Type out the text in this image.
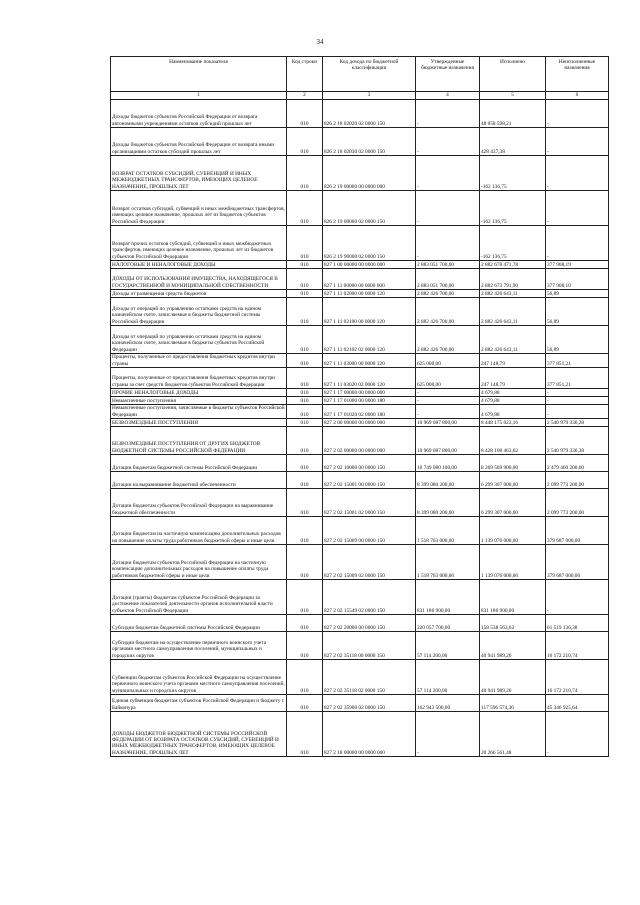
34
Наименование показателя	Код строки	Код дохода по бюджетной классификации	Утвержденные бюджетные назначения	Исполнено	Неисполненные назначения
1	2	3	4	5	6
Доходы бюджетов субъектов Российской Федерации от возврата автономными учреждениями остатков субсидий прошлых лет	010	826 2 18 02020 02 0000 150	-	48 058 598,21	-
Доходы бюджетов субъектов Российской Федерации от возврата иными организациями остатков субсидий прошлых лет	010	826 2 18 02030 02 0000 150	-	428 437,38	-
ВОЗВРАТ ОСТАТКОВ СУБСИДИЙ, СУБВЕНЦИЙ И ИНЫХ МЕЖБЮДЖЕТНЫХ ТРАНСФЕРТОВ, ИМЕЮЩИХ ЦЕЛЕВОЕ НАЗНАЧЕНИЕ, ПРОШЛЫХ ЛЕТ	010	826 2 19 00000 00 0000 000	-	-162 136,75	-
Возврат остатков субсидий, субвенций и иных межбюджетных трансфертов, имеющих целевое назначение, прошлых лет из бюджетов субъектов Российской Федерации	010	826 2 19 00000 02 0000 150	-	-162 136,75	-
Возврат прочих остатков субсидий, субвенций и иных межбюджетных трансфертов, имеющих целевое назначение, прошлых лет из бюджетов субъектов Российской Федерации	010	826 2 19 90000 02 0000 150	-	-162 136,75	-
НАЛОГОВЫЕ И НЕНАЛОГОВЫЕ ДОХОДЫ	010	827 1 00 00000 00 0000 000	2 883 051 700,00	2 882 678 471,78	377 908,19
ДОХОДЫ ОТ ИСПОЛЬЗОВАНИЯ ИМУЩЕСТВА, НАХОДЯЩЕГОСЯ В ГОСУДАРСТВЕННОЙ И МУНИЦИПАЛЬНОЙ СОБСТВЕННОСТИ	010	827 1 11 00000 00 0000 000	2 883 051 700,00	2 882 673 791,90	377 908,10
Доходы от размещения средств бюджетов	010	827 1 11 02000 00 0000 120	2 882 426 700,00	2 882 426 643,11	56,89
Доходы от операций по управлению остатками средств на едином казначейском счете, зачисляемые в бюджеты бюджетной системы Российской Федерации	010	827 1 11 02100 00 0000 120	2 882 426 700,00	2 882 426 643,11	56,89
Доходы от операций по управлению остатками средств на едином казначейском счете, зачисляемые в бюджеты субъектов Российской Федерации	010	827 1 11 02102 02 0000 120	2 882 426 700,00	2 882 426 643,11	56,89
Проценты, полученные от предоставления бюджетных кредитов внутри страны	010	827 1 11 03000 00 0000 120	625 000,00	247 148,79	377 851,21
Проценты, полученные от предоставления бюджетных кредитов внутри страны за счет средств бюджетов субъектов Российской Федерации	010	827 1 11 03020 02 0000 120	625 000,00	247 148,79	377 851,21
ПРОЧИЕ НЕНАЛОГОВЫЕ ДОХОДЫ	010	827 1 17 00000 00 0000 000	-	4 679,88	-
Невыясненные поступления	010	827 1 17 01000 00 0000 180	-	4 679,88	-
Невыясненные поступления, зачисляемые в бюджеты субъектов Российской Федерации	010	827 1 17 01020 02 0000 180	-	4 679,88	-
БЕЗВОЗМЕЗДНЫЕ ПОСТУПЛЕНИЯ	010	827 2 00 00000 00 0000 000	10 969 087 800,00	8 448 175 023,16	2 540 979 336,28
БЕЗВОЗМЕЗДНЫЕ ПОСТУПЛЕНИЯ ОТ ДРУГИХ БЮДЖЕТОВ БЮДЖЕТНОЙ СИСТЕМЫ РОССИЙСКОЙ ФЕДЕРАЦИИ	010	827 2 02 00000 00 0000 000	10 969 087 800,00	8 428 108 463,62	2 540 979 336,38
Дотации бюджетам бюджетной системы Российской Федерации	010	827 2 02 10000 00 0000 150	10 749 080 100,00	8 269 569 900,00	2 479 460 200,00
Дотации на выравнивание бюджетной обеспеченности	010	827 2 02 15001 00 0000 150	8 399 080 200,00	6 299 307 000,00	2 099 773 200,00
Дотации бюджетам субъектов Российской Федерации на выравнивание бюджетной обеспеченности	010	827 2 02 15001 02 0000 150	8 399 080 200,00	6 299 307 000,00	2 099 773 200,00
Дотации бюджетам на частичную компенсацию дополнительных расходов на повышение оплаты труда работников бюджетной сферы и иные цели	010	827 2 02 15009 00 0000 150	1 518 763 000,00	1 139 076 000,00	379 687 000,00
Дотации бюджетам субъектов Российской Федерации на частичную компенсацию дополнительных расходов на повышение оплаты труда работников бюджетной сферы и иные цели	010	827 2 02 15009 02 0000 150	1 518 763 000,00	1 139 076 000,00	379 687 000,00
Дотации (гранты) бюджетам субъектов Российской Федерации за достижение показателей деятельности органов исполнительной власти субъектов Российской Федерации	010	827 2 02 15549 02 0000 150	831 186 900,00	831 186 900,00	-
Субсидии бюджетам бюджетной системы Российской Федерации	010	827 2 02 20000 00 0000 150	220 057 700,00	158 538 563,62	61 519 136,38
Субсидии бюджетам на осуществление первичного воинского учета органами местного самоуправления поселений, муниципальных и городских округов	010	827 2 02 35118 00 0000 150	57 114 200,00	40 941 989,26	16 172 210,74
Субвенции бюджетам субъектов Российской Федерации на осуществление первичного воинского учета органами местного самоуправления поселений, муниципальных и городских округов	010	827 2 02 35118 02 0000 150	57 114 200,00	40 941 989,26	16 172 210,74
Единая субвенция бюджетам субъектов Российской Федерации и бюджету г. Байконура	010	827 2 02 35900 02 0000 150	162 943 500,00	117 596 574,36	45 346 925,64
ДОХОДЫ БЮДЖЕТОВ БЮДЖЕТНОЙ СИСТЕМЫ РОССИЙСКОЙ ФЕДЕРАЦИИ ОТ ВОЗВРАТА ОСТАТКОВ СУБСИДИЙ, СУБВЕНЦИЙ И ИНЫХ МЕЖБЮДЖЕТНЫХ ТРАНСФЕРТОВ, ИМЕЮЩИХ ЦЕЛЕВОЕ НАЗНАЧЕНИЕ, ПРОШЛЫХ ЛЕТ	010	827 2 18 00000 00 0000 000	-	20 266 561,48	-
